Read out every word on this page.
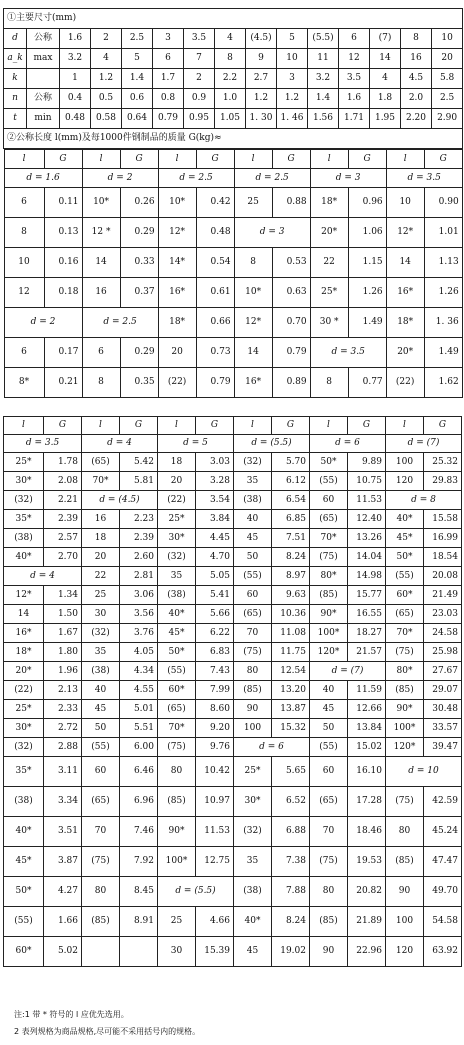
①主要尺寸(mm)
d	公称	1.6	2	2.5	3	3.5	4	(4.5)	5	(5.5)	6	(7)	8	10
a_k	max	3.2	4	5	6	7	8	9	10	11	12	14	16	20
k		1	1.2	1.4	1.7	2	2.2	2.7	3	3.2	3.5	4	4.5	5.8
n	公称	0.4	0.5	0.6	0.8	0.9	1.0	1.2	1.2	1.4	1.6	1.8	2.0	2.5
t	min	0.48	0.58	0.64	0.79	0.95	1.05	1. 30	1. 46	1.56	1.71	1.95	2.20	2.90
②公称长度 l(mm)及每1000件钢制品的质量 G(kg)≈

l	G	l	G	l	G	l	G	l	G	l	G
d = 1.6	d = 2	d = 2.5	d = 2.5	d = 3	d = 3.5
6	0.11	10*	0.26	10*	0.42	25	0.88	18*	0.96	10	0.90
8	0.13	12 *	0.29	12*	0.48	d = 3	20*	1.06	12*	1.01
10	0.16	14	0.33	14*	0.54	8	0.53	22	1.15	14	1.13
12	0.18	16	0.37	16*	0.61	10*	0.63	25*	1.26	16*	1.26
d = 2	d = 2.5	18*	0.66	12*	0.70	30 *	1.49	18*	1. 36
6	0.17	6	0.29	20	0.73	14	0.79	d = 3.5	20*	1.49
8*	0.21	8	0.35	(22)	0.79	16*	0.89	8	0.77	(22)	1.62
l	G	l	G	l	G	l	G	l	G	l	G
d = 3.5		d = 4		d = 5		d = (5.5)		d = 6		d = (7)	
25*	1.78	(65)	5.42	18	3.03	(32)	5.70	50*	9.89	100	25.32
30*	2.08	70*	5.81	20	3.28	35	6.12	(55)	10.75	120	29.83
(32)	2.21	d = (4.5)		(22)	3.54	(38)	6.54	60	11.53	d = 8	
35*	2.39	16	2.23	25*	3.84	40	6.85	(65)	12.40	40*	15.58
(38)	2.57	18	2.39	30*	4.45	45	7.51	70*	13.26	45*	16.99
40*	2.70	20	2.60	(32)	4.70	50	8.24	(75)	14.04	50*	18.54
d = 4		22	2.81	35	5.05	(55)	8.97	80*	14.98	(55)	20.08
12*	1.34	25	3.06	(38)	5.41	60	9.63	(85)	15.77	60*	21.49
14	1.50	30	3.56	40*	5.66	(65)	10.36	90*	16.55	(65)	23.03
16*	1.67	(32)	3.76	45*	6.22	70	11.08	100*	18.27	70*	24.58
18*	1.80	35	4.05	50*	6.83	(75)	11.75	120*	21.57	(75)	25.98
20*	1.96	(38)	4.34	(55)	7.43	80	12.54	d = (7)		80*	27.67
(22)	2.13	40	4.55	60*	7.99	(85)	13.20	40	11.59	(85)	29.07
25*	2.33	45	5.01	(65)	8.60	90	13.87	45	12.66	90*	30.48
30*	2.72	50	5.51	70*	9.20	100	15.32	50	13.84	100*	33.57
(32)	2.88	(55)	6.00	(75)	9.76	d = 6		(55)	15.02	120*	39.47
35*	3.11	60	6.46	80	10.42	25*	5.65	60	16.10	d = 10	
(38)	3.34	(65)	6.96	(85)	10.97	30*	6.52	(65)	17.28	(75)	42.59
40*	3.51	70	7.46	90*	11.53	(32)	6.88	70	18.46	80	45.24
45*	3.87	(75)	7.92	100*	12.75	35	7.38	(75)	19.53	(85)	47.47
50*	4.27	80	8.45	d = (5.5)		(38)	7.88	80	20.82	90	49.70
(55)	1.66	(85)	8.91	25	4.66	40*	8.24	(85)	21.89	100	54.58
60*	5.02			30	15.39	45	19.02	90	22.96	120	63.92
注:1 带 * 符号的 l 应优先选用。
2 表列规格为商品规格,尽可能不采用括号内的规格。
